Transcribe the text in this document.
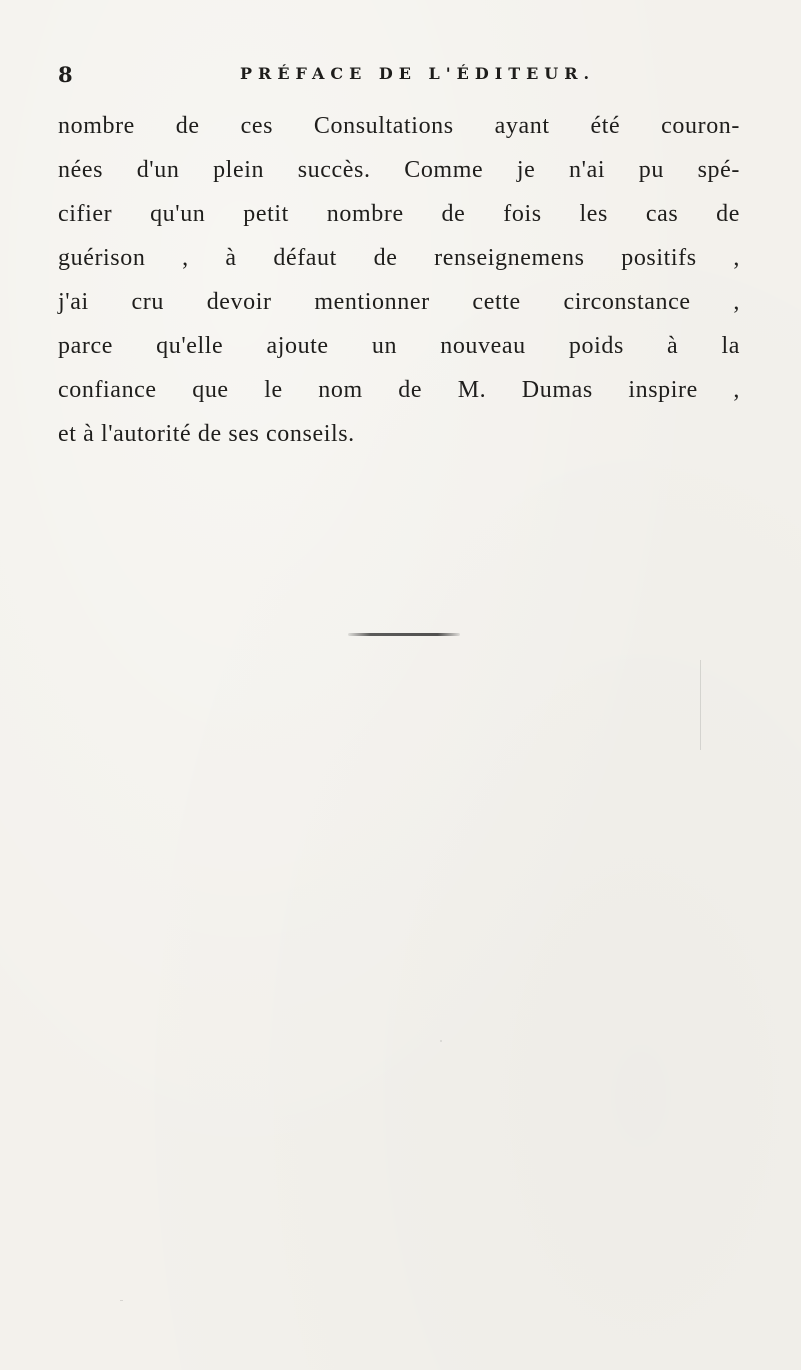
8	PRÉFACE DE L'ÉDITEUR.
nombre de ces Consultations ayant été couron-
nées d'un plein succès. Comme je n'ai pu spé-
cifier qu'un petit nombre de fois les cas de
guérison , à défaut de renseignemens positifs ,
j'ai cru devoir mentionner cette circonstance ,
parce qu'elle ajoute un nouveau poids à la
confiance que le nom de M. Dumas inspire ,
et à l'autorité de ses conseils.
